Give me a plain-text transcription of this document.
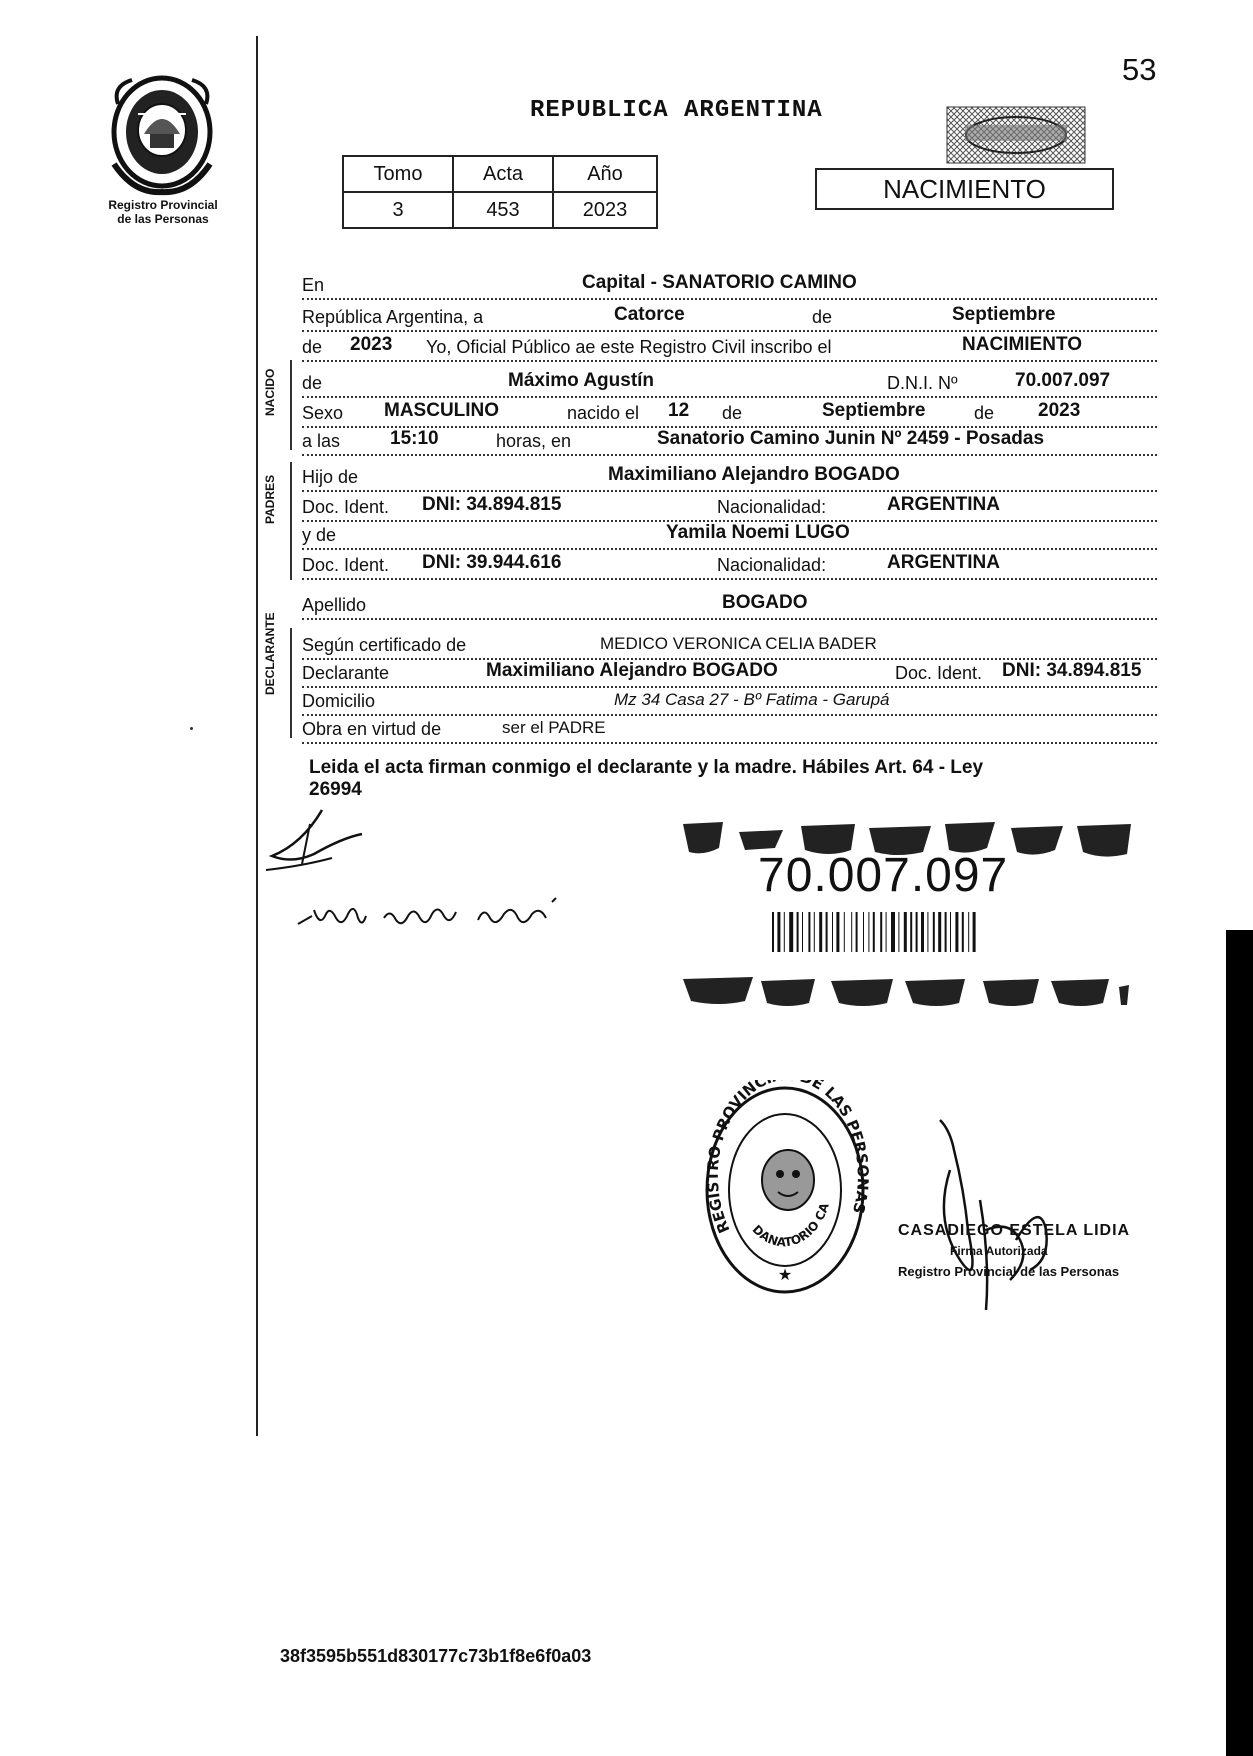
53
Registro Provincial
de las Personas
REPUBLICA ARGENTINA
Tomo	Acta	Año
3	453	2023
NACIMIENTO
En	Capital - SANATORIO CAMINO
República Argentina, a	Catorce	de	Septiembre
de 2023 Yo, Oficial Público ae este Registro Civil inscribo el	NACIMIENTO
NACIDO de	Máximo Agustín	D.N.I. Nº	70.007.097
Sexo MASCULINO	nacido el 12 de	Septiembre	de 2023
a las	15:10	horas, en	Sanatorio Camino Junin Nº 2459 - Posadas
PADRES Hijo de	Maximiliano Alejandro BOGADO
Doc. Ident. DNI: 34.894.815	Nacionalidad:	ARGENTINA
y de	Yamila Noemi LUGO
Doc. Ident. DNI: 39.944.616	Nacionalidad:	ARGENTINA
Apellido	BOGADO
DECLARANTE Según certificado de	MEDICO VERONICA CELIA BADER
Declarante	Maximiliano Alejandro BOGADO	Doc. Ident. DNI: 34.894.815
Domicilio	Mz 34 Casa 27 - Bº Fatima - Garupá
Obra en virtud de	ser el PADRE
Leida el acta firman conmigo el declarante y la madre. Hábiles Art. 64 - Ley
26994
70.007.097
REGISTRO PROVINC E LAS PERS AS
DANATORIO CA
★
CASADIEGO ESTELA LIDIA
Firma Autorizada
Registro Provincial de las Personas
38f3595b551d830177c73b1f8e6f0a03
